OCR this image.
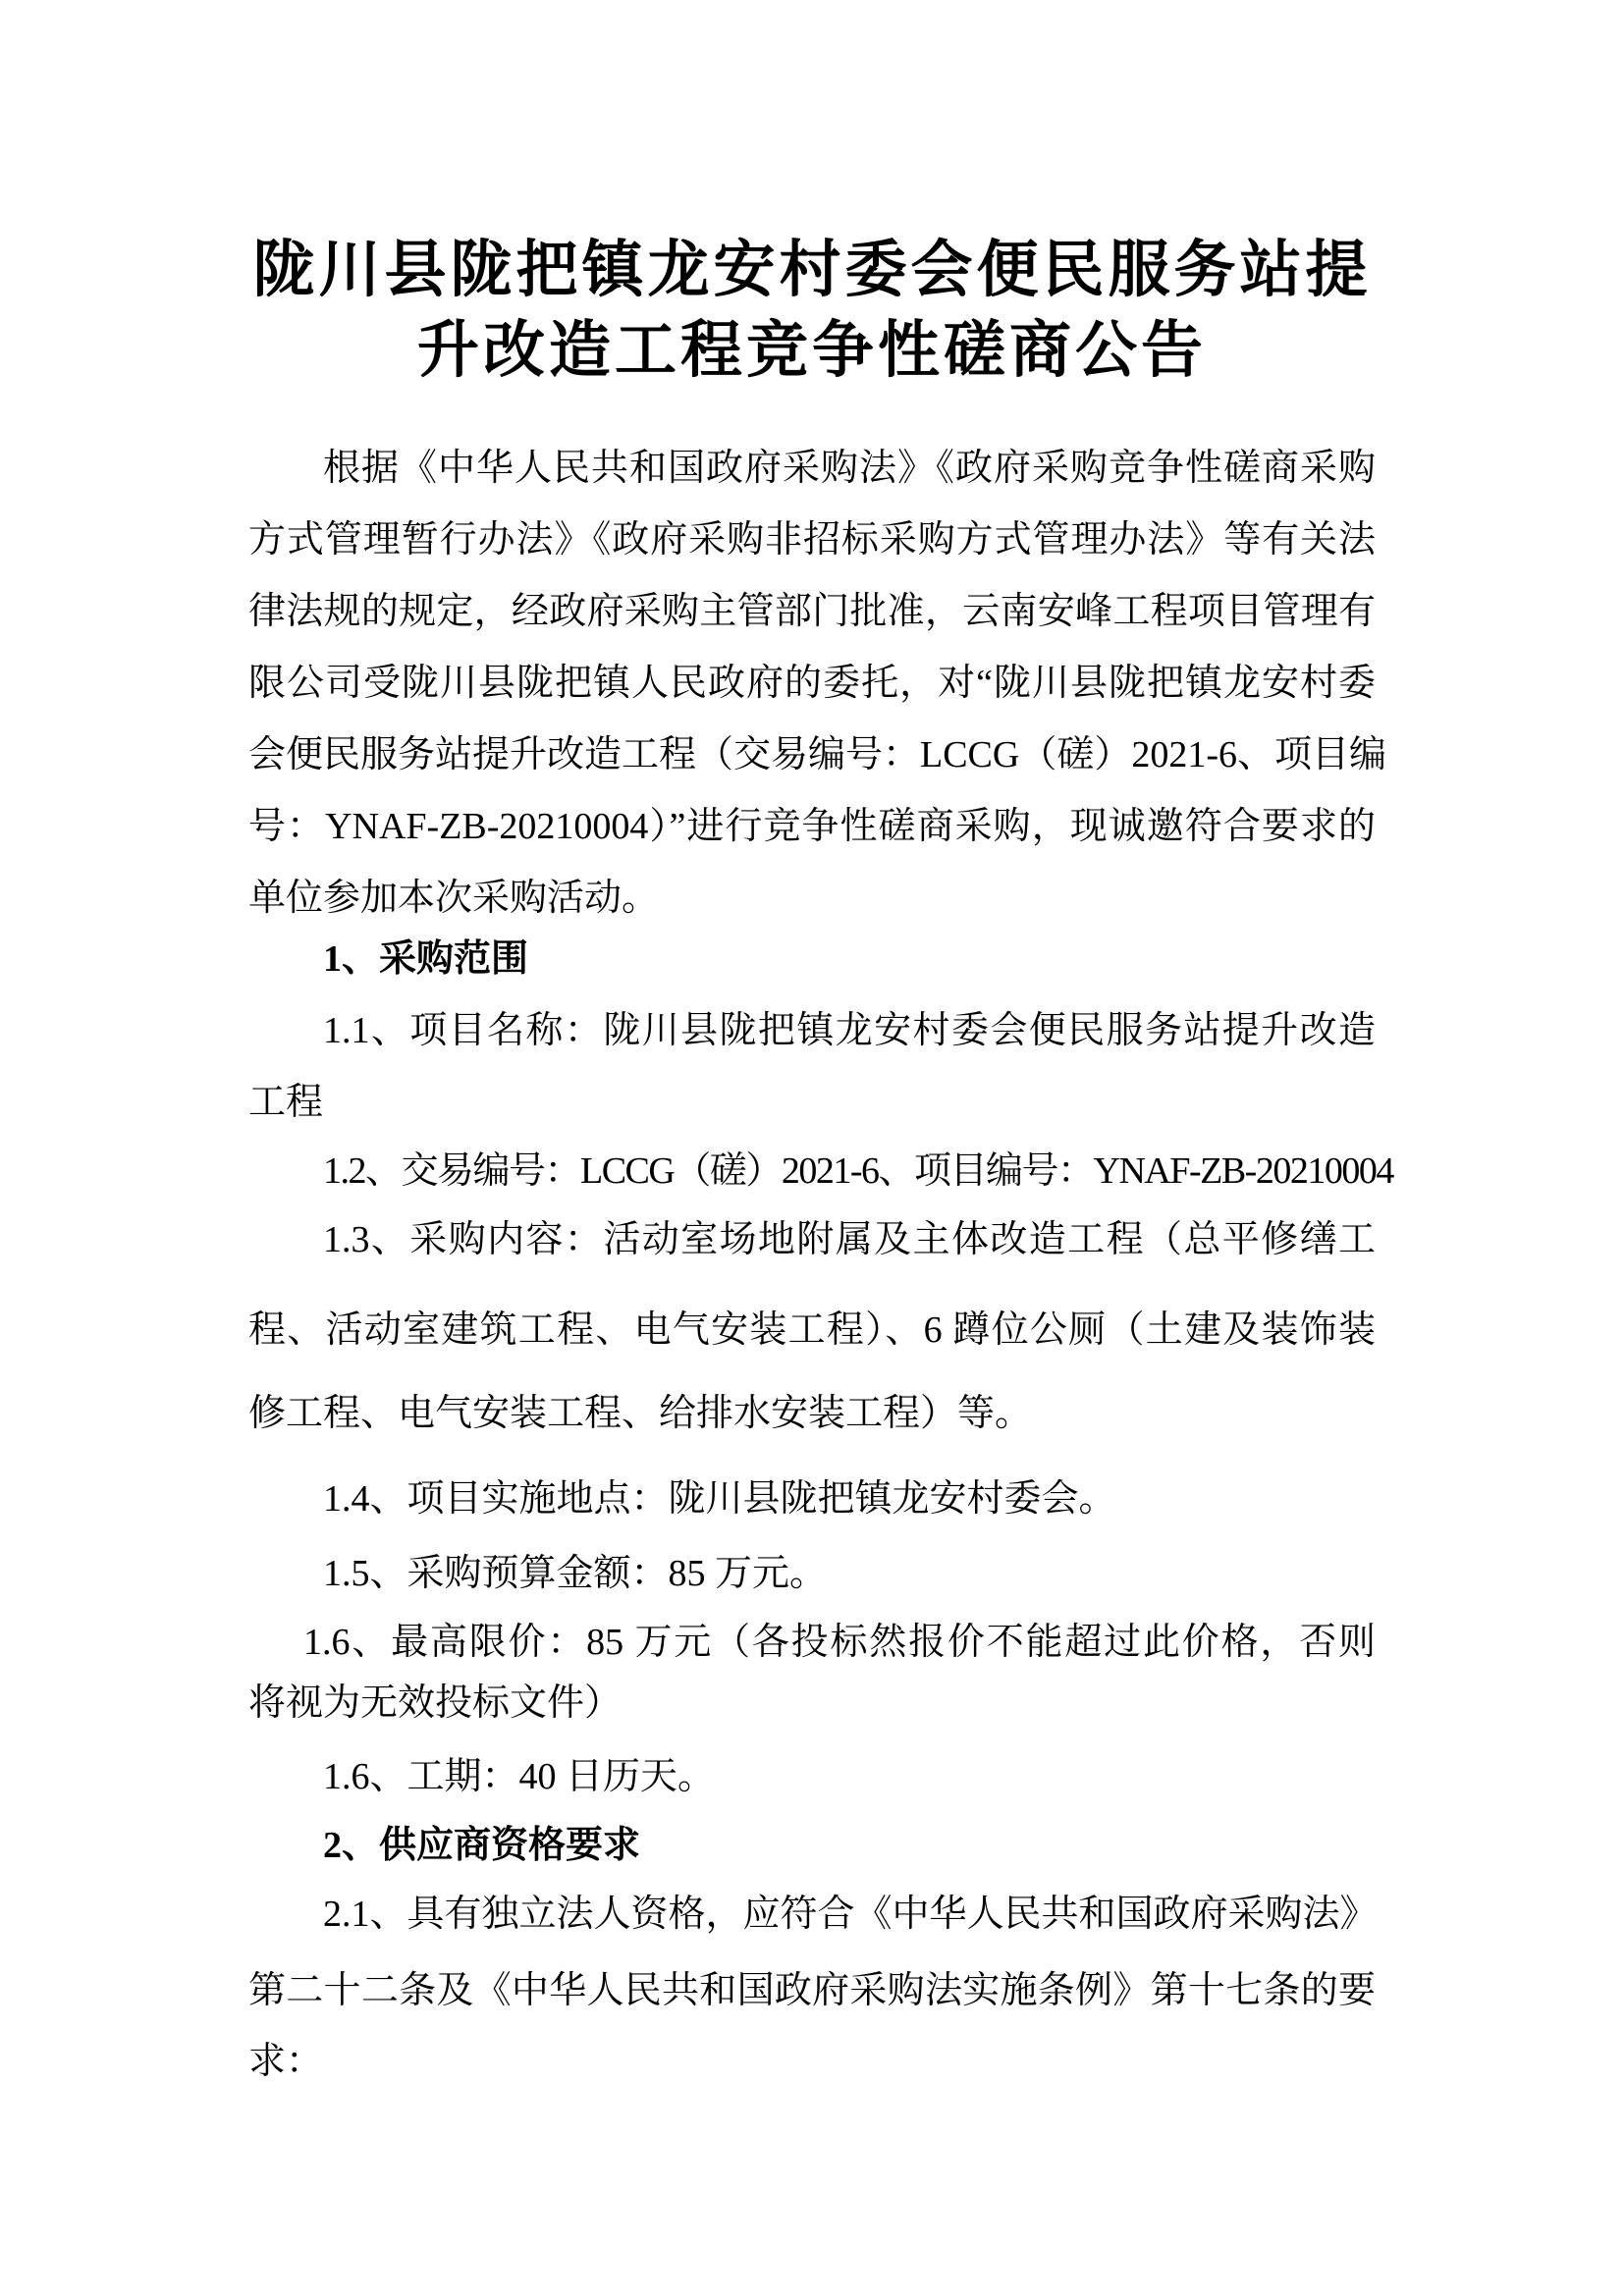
陇川县陇把镇龙安村委会便民服务站提
升改造工程竞争性磋商公告
根据《中华人民共和国政府采购法》《政府采购竞争性磋商采购
方式管理暂行办法》《政府采购非招标采购方式管理办法》等有关法
律法规的规定，经政府采购主管部门批准，云南安峰工程项目管理有
限公司受陇川县陇把镇人民政府的委托，对“陇川县陇把镇龙安村委
会便民服务站提升改造工程（交易编号：LCCG（磋）2021-6、项目编
号：YNAF-ZB-20210004）”进行竞争性磋商采购，现诚邀符合要求的
单位参加本次采购活动。
1、采购范围
1.1、项目名称：陇川县陇把镇龙安村委会便民服务站提升改造
工程
1.2、交易编号：LCCG（磋）2021-6、项目编号：YNAF-ZB-20210004
1.3、采购内容：活动室场地附属及主体改造工程（总平修缮工
程、活动室建筑工程、电气安装工程）、6 蹲位公厕（土建及装饰装
修工程、电气安装工程、给排水安装工程）等。
1.4、项目实施地点：陇川县陇把镇龙安村委会。
1.5、采购预算金额：85 万元。
1.6、最高限价：85 万元（各投标然报价不能超过此价格，否则
将视为无效投标文件）
1.6、工期：40 日历天。
2、供应商资格要求
2.1、具有独立法人资格，应符合《中华人民共和国政府采购法》
第二十二条及《中华人民共和国政府采购法实施条例》第十七条的要
求：
